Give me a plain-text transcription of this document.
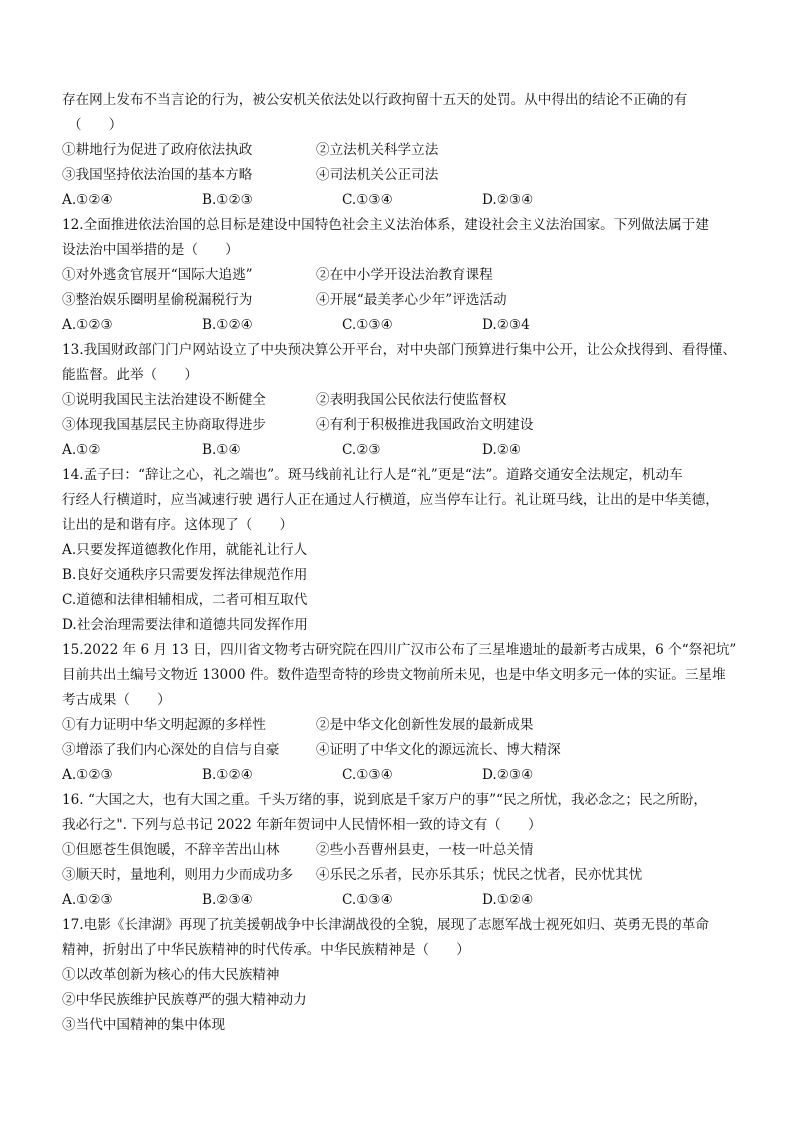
存在网上发布不当言论的行为，被公安机关依法处以行政拘留十五天的处罚。从中得出的结论不正确的有
（　　）
①耕地行为促进了政府依法执政	②立法机关科学立法
③我国坚持依法治国的基本方略	④司法机关公正司法
A.①②④	B.①②③	C.①③④	D.②③④
12.全面推进依法治国的总目标是建设中国特色社会主义法治体系，建设社会主义法治国家。下列做法属于建
设法治中国举措的是（　　）
①对外逃贪官展开“国际大追逃”	②在中小学开设法治教育课程
③整治娱乐圈明星偷税漏税行为	④开展“最美孝心少年”评选活动
A.①②③	B.①②④	C.①③④	D.②③4
13.我国财政部门门户网站设立了中央预决算公开平台，对中央部门预算进行集中公开，让公众找得到、看得懂、
能监督。此举（　　）
①说明我国民主法治建设不断健全	②表明我国公民依法行使监督权
③体现我国基层民主协商取得进步	④有利于积极推进我国政治文明建设
A.①②	B.①④	C.②③	D.②④
14.孟子曰：“辞让之心，礼之端也”。斑马线前礼让行人是“礼”更是“法”。道路交通安全法规定，机动车
行经人行横道时，应当减速行驶 遇行人正在通过人行横道，应当停车让行。礼让斑马线，让出的是中华美德，
让出的是和谐有序。这体现了（　　）
A.只要发挥道德教化作用，就能礼让行人
B.良好交通秩序只需要发挥法律规范作用
C.道德和法律相辅相成，二者可相互取代
D.社会治理需要法律和道德共同发挥作用
15.2022 年 6 月 13 日，四川省文物考古研究院在四川广汉市公布了三星堆遗址的最新考古成果，6 个“祭祀坑”
目前共出土编号文物近 13000 件。数件造型奇特的珍贵文物前所未见，也是中华文明多元一体的实证。三星堆
考古成果（　　）
①有力证明中华文明起源的多样性	②是中华文化创新性发展的最新成果
③增添了我们内心深处的自信与自豪	④证明了中华文化的源远流长、博大精深
A.①②③	B.①②④	C.①③④	D.②③④
16. “大国之大，也有大国之重。千头万绪的事，说到底是千家万户的事”“民之所忧，我必念之；民之所盼，
我必行之". 下列与总书记 2022 年新年贺词中人民情怀相一致的诗文有（　　）
①但愿苍生俱饱暖，不辞辛苦出山林	②些小吾曹州县吏，一枝一叶总关情
③顺天时，量地利，则用力少而成功多	④乐民之乐者，民亦乐其乐；忧民之忧者，民亦忧其忧
A.①②③	B.②③④	C.①③④	D.①②④
17.电影《长津湖》再现了抗美援朝战争中长津湖战役的全貌，展现了志愿军战士视死如归、英勇无畏的革命
精神，折射出了中华民族精神的时代传承。中华民族精神是（　　）
①以改革创新为核心的伟大民族精神
②中华民族维护民族尊严的强大精神动力
③当代中国精神的集中体现
